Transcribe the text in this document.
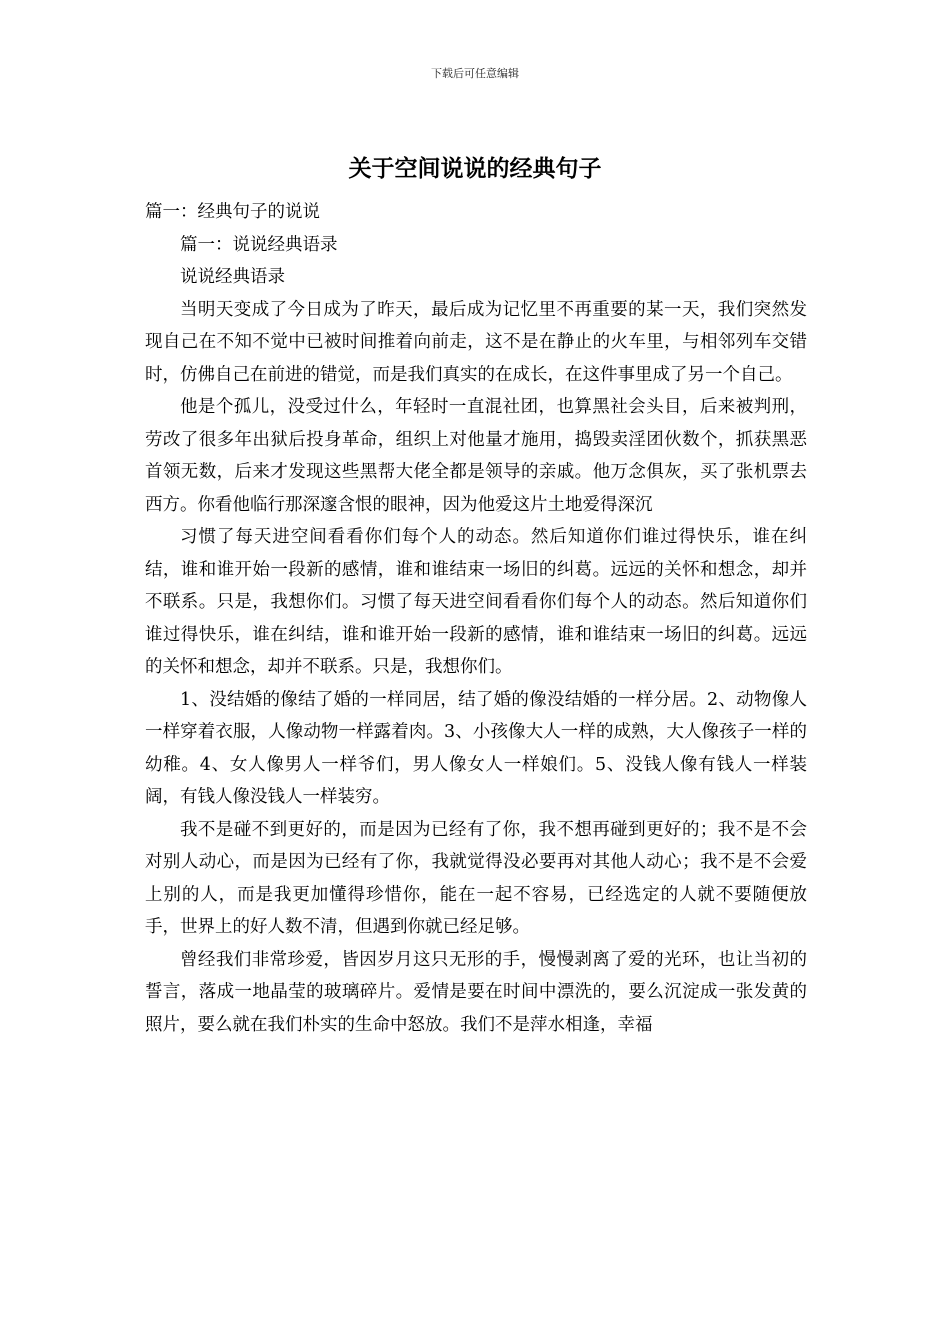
下载后可任意编辑
关于空间说说的经典句子

篇一：经典句子的说说

篇一：说说经典语录

说说经典语录

当明天变成了今日成为了昨天，最后成为记忆里不再重要的某一天，我们突然发现自己在不知不觉中已被时间推着向前走，这不是在静止的火车里，与相邻列车交错时，仿佛自己在前进的错觉，而是我们真实的在成长，在这件事里成了另一个自己。

他是个孤儿，没受过什么，年轻时一直混社团，也算黑社会头目，后来被判刑，劳改了很多年出狱后投身革命，组织上对他量才施用，捣毁卖淫团伙数个，抓获黑恶首领无数，后来才发现这些黑帮大佬全都是领导的亲戚。他万念俱灰，买了张机票去西方。你看他临行那深邃含恨的眼神，因为他爱这片土地爱得深沉

习惯了每天进空间看看你们每个人的动态。然后知道你们谁过得快乐，谁在纠结，谁和谁开始一段新的感情，谁和谁结束一场旧的纠葛。远远的关怀和想念，却并不联系。只是，我想你们。习惯了每天进空间看看你们每个人的动态。然后知道你们谁过得快乐，谁在纠结，谁和谁开始一段新的感情，谁和谁结束一场旧的纠葛。远远的关怀和想念，却并不联系。只是，我想你们。

1、没结婚的像结了婚的一样同居，结了婚的像没结婚的一样分居。2、动物像人一样穿着衣服，人像动物一样露着肉。3、小孩像大人一样的成熟，大人像孩子一样的幼稚。4、女人像男人一样爷们，男人像女人一样娘们。5、没钱人像有钱人一样装阔，有钱人像没钱人一样装穷。

我不是碰不到更好的，而是因为已经有了你，我不想再碰到更好的；我不是不会对别人动心，而是因为已经有了你，我就觉得没必要再对其他人动心；我不是不会爱上别的人，而是我更加懂得珍惜你，能在一起不容易，已经选定的人就不要随便放手，世界上的好人数不清，但遇到你就已经足够。

曾经我们非常珍爱，皆因岁月这只无形的手，慢慢剥离了爱的光环，也让当初的誓言，落成一地晶莹的玻璃碎片。爱情是要在时间中漂洗的，要么沉淀成一张发黄的照片，要么就在我们朴实的生命中怒放。我们不是萍水相逢，幸福
